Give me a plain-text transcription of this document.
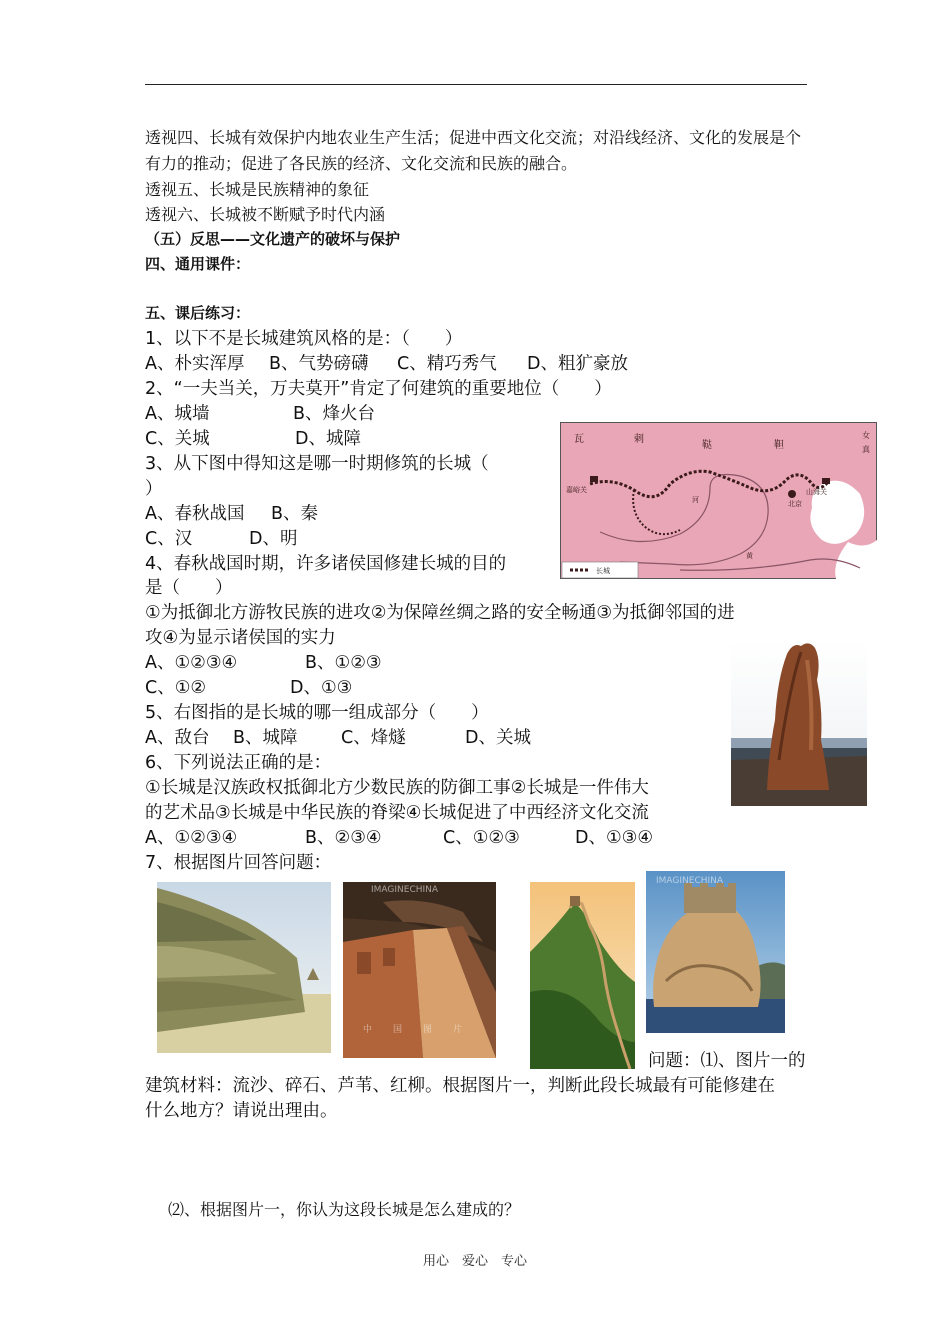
透视四、长城有效保护内地农业生产生活；促进中西文化交流；对沿线经济、文化的发展是个
有力的推动；促进了各民族的经济、文化交流和民族的融合。
透视五、长城是民族精神的象征
透视六、长城被不断赋予时代内涵
（五）反思——文化遗产的破坏与保护
四、通用课件：
五、课后练习：
1、以下不是长城建筑风格的是：（　　）
A、朴实浑厚 B、气势磅礴 C、精巧秀气 D、粗犷豪放
2、“一夫当关，万夫莫开”肯定了何建筑的重要地位（　　）
A、城墙	B、烽火台
C、关城	D、城障
3、从下图中得知这是哪一时期修筑的长城（
）
A、春秋战国 B、秦
C、汉	D、明
4、春秋战国时期，许多诸侯国修建长城的目的
是（　　）
①为抵御北方游牧民族的进攻②为保障丝绸之路的安全畅通③为抵御邻国的进
攻④为显示诸侯国的实力
A、①②③④	B、①②③
C、①②	D、①③
5、右图指的是长城的哪一组成部分（　　）
A、敌台 B、城障 C、烽燧	D、关城
6、下列说法正确的是：
①长城是汉族政权抵御北方少数民族的防御工事②长城是一件伟大
的艺术品③长城是中华民族的脊梁④长城促进了中西经济文化交流
A、①②③④	B、②③④	C、①②③	D、①③④
7、根据图片回答问题：
问题：⑴、图片一的
建筑材料：流沙、碎石、芦苇、红柳。根据图片一，判断此段长城最有可能修建在
什么地方？请说出理由。
⑵、根据图片一，你认为这段长城是怎么建成的？
瓦	剌
鞑	靼
嘉峪关
北京
山海关
河
黄
女
真
长城
IMAGINECHINA
中 国 图 片
IMAGINECHINA
用心　爱心　专心
